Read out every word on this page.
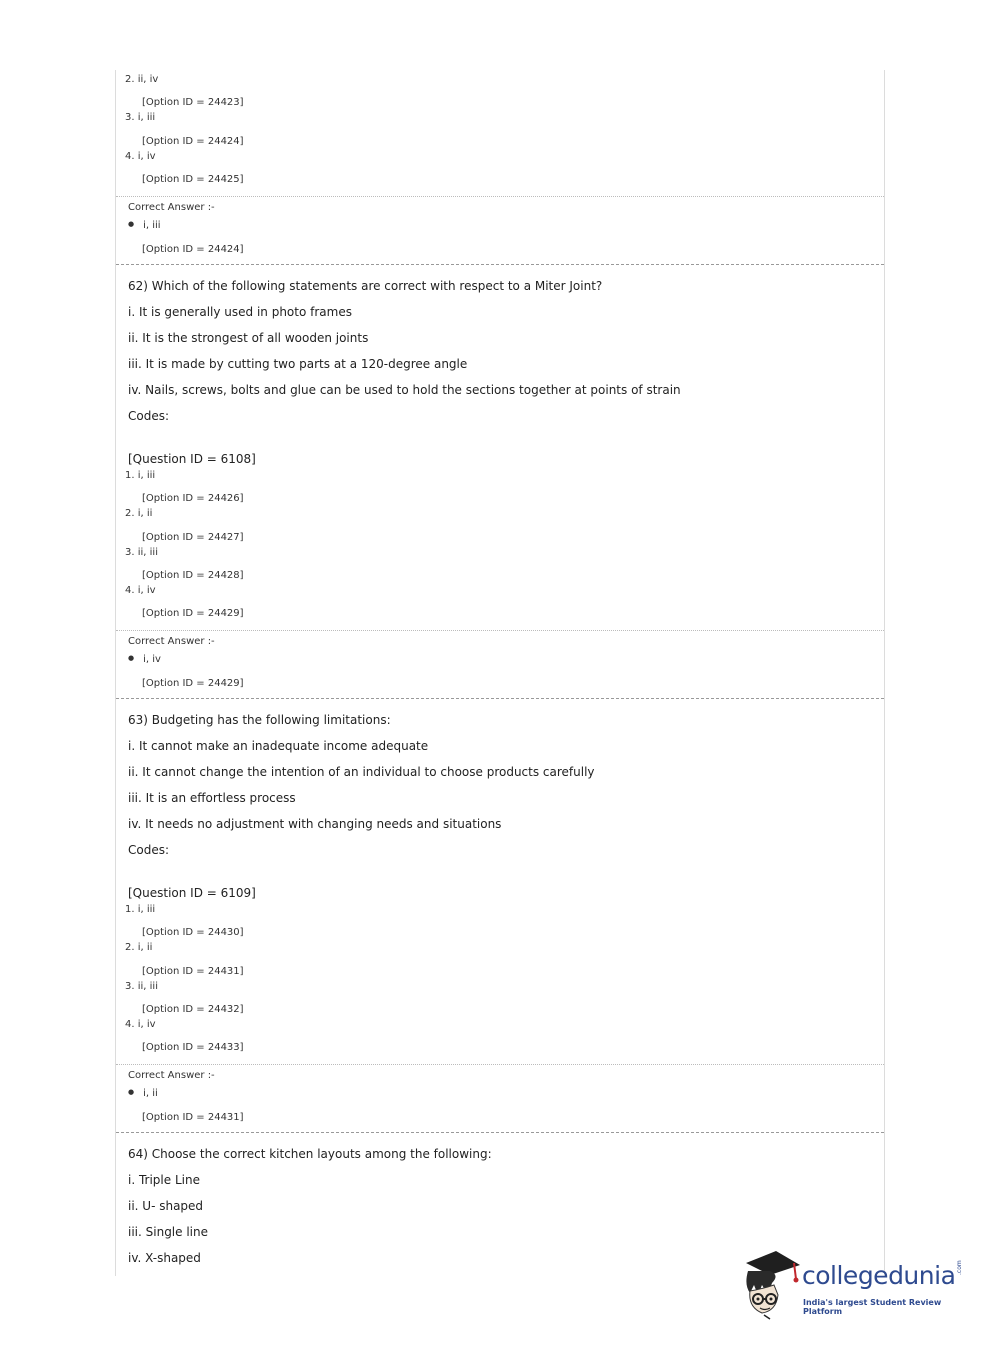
2. ii, iv
[Option ID = 24423]
3. i, iii
[Option ID = 24424]
4. i, iv
[Option ID = 24425]
Correct Answer :-
● i, iii
[Option ID = 24424]
62) Which of the following statements are correct with respect to a Miter Joint?
i. It is generally used in photo frames
ii. It is the strongest of all wooden joints
iii. It is made by cutting two parts at a 120-degree angle
iv. Nails, screws, bolts and glue can be used to hold the sections together at points of strain
Codes:
[Question ID = 6108]
1. i, iii
[Option ID = 24426]
2. i, ii
[Option ID = 24427]
3. ii, iii
[Option ID = 24428]
4. i, iv
[Option ID = 24429]
Correct Answer :-
● i, iv
[Option ID = 24429]
63) Budgeting has the following limitations:
i. It cannot make an inadequate income adequate
ii. It cannot change the intention of an individual to choose products carefully
iii. It is an effortless process
iv. It needs no adjustment with changing needs and situations
Codes:
[Question ID = 6109]
1. i, iii
[Option ID = 24430]
2. i, ii
[Option ID = 24431]
3. ii, iii
[Option ID = 24432]
4. i, iv
[Option ID = 24433]
Correct Answer :-
● i, ii
[Option ID = 24431]
64) Choose the correct kitchen layouts among the following:
i. Triple Line
ii. U- shaped
iii. Single line
iv. X-shaped
collegedunia .com
India's largest Student Review Platform
